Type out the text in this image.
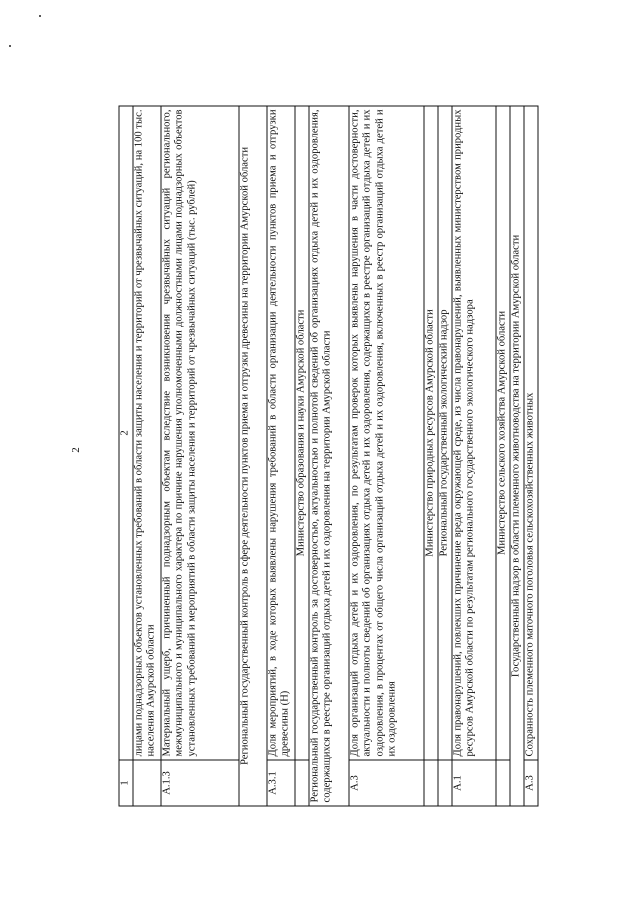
2
1	2
	лицами поднадзорных объектов установленных требований в области защиты населения и территорий от чрезвычайных ситуаций, на 100 тыс. населения Амурской области
А.1.3	Материальный ущерб, причиненный поднадзорным объектам вследствие возникновения чрезвычайных ситуаций регионального, межмуниципального и муниципального характера по причине нарушения уполномоченными должностными лицами поднадзорных объектов установленных требований и мероприятий в области защиты населения и территорий от чрезвычайных ситуаций (тыс. рублей)
Региональный государственный контроль в сфере деятельности пунктов приема и отгрузки древесины на территории Амурской области	
А.3.1	Доля мероприятий, в ходе которых выявлены нарушения требований в области организации деятельности пунктов приема и отгрузки древесины (Н)
	Министерство образования и науки Амурской области
Региональный государственный контроль за достоверностью, актуальностью и полнотой сведений об организациях отдыха детей и их оздоровления, содержащихся в реестре организаций отдыха детей и их оздоровления на территории Амурской области	
А.3	Доля организаций отдыха детей и их оздоровления, по результатам проверок которых выявлены нарушения в части достоверности, актуальности и полноты сведений об организациях отдыха детей и их оздоровления, содержащихся в реестре организаций отдыха детей и их оздоровления, в процентах от общего числа организаций отдыха детей и их оздоровления, включенных в реестр организаций отдыха детей и их оздоровления
	Министерство природных ресурсов Амурской области
	Региональный государственный экологический надзор
А.1	Доля правонарушений, повлекших причинение вреда окружающей среде, из числа правонарушений, выявленных министерством природных ресурсов Амурской области по результатам регионального государственного экологического надзора
	Министерство сельского хозяйства Амурской области
Государственный надзор в области племенного животноводства на территории Амурской области	
А.3	Сохранность племенного маточного поголовья сельскохозяйственных животных
